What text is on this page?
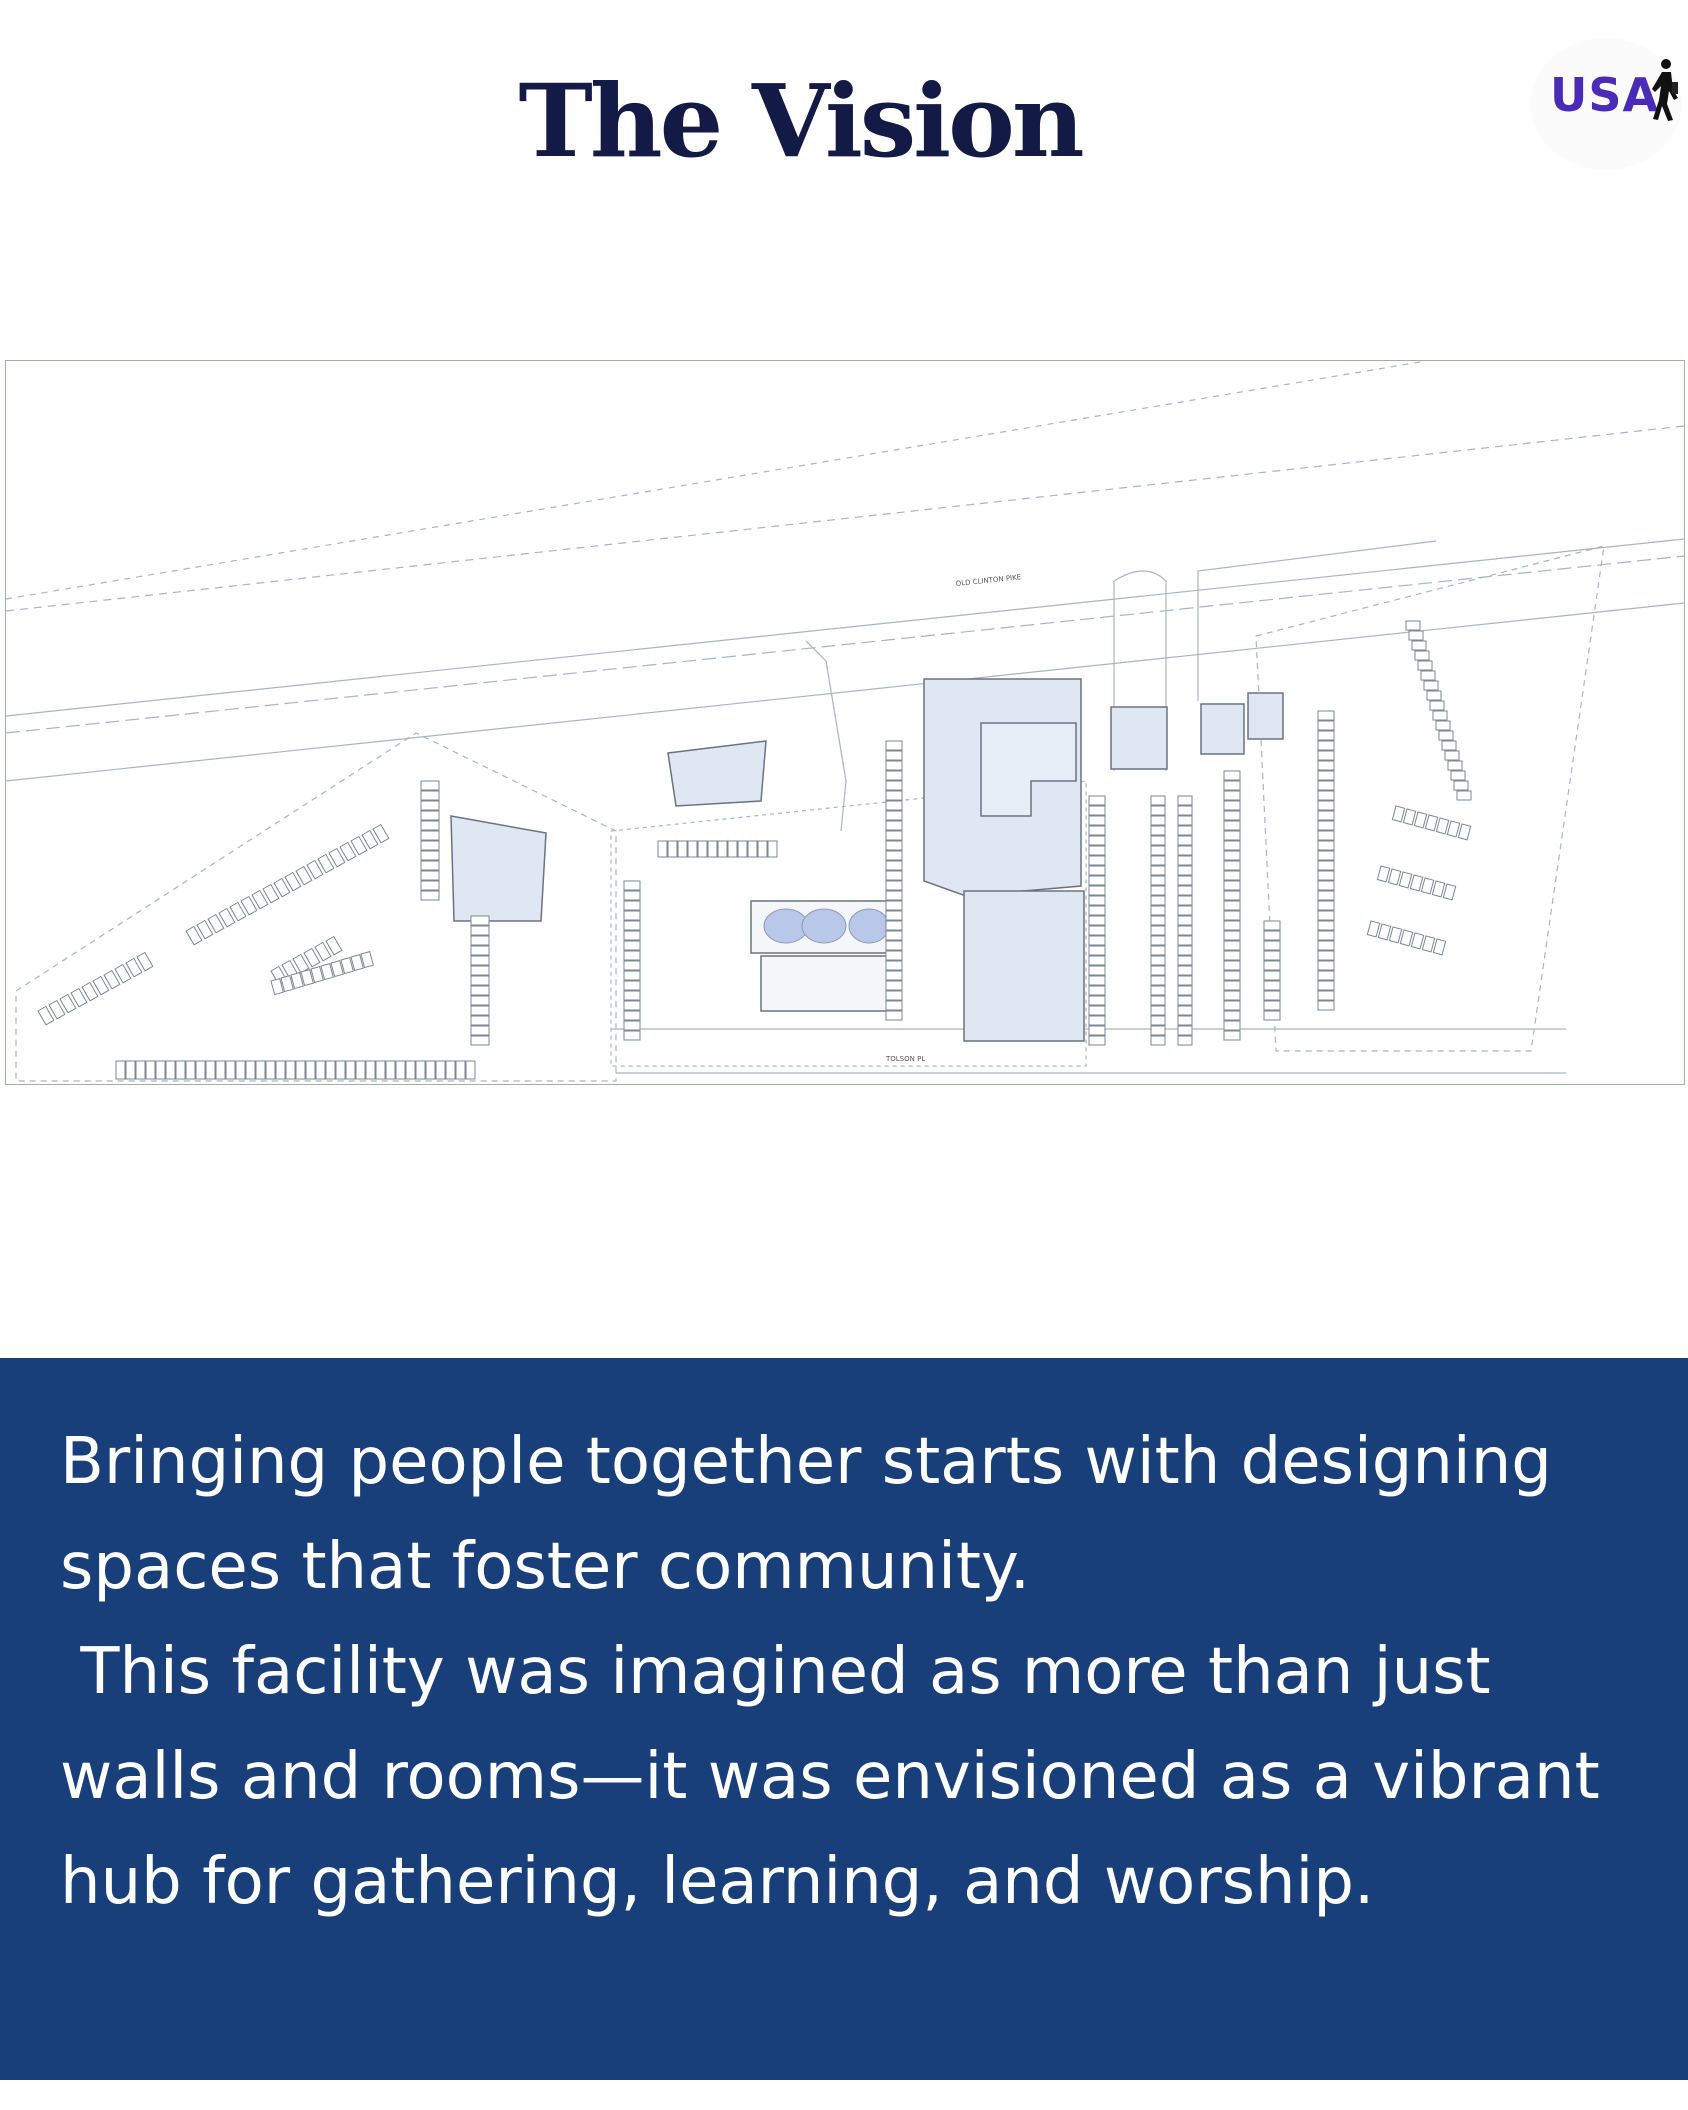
The Vision	USA
OLD CLINTON PIKE
TOLSON PL
Bringing people together starts with designing spaces that foster community.
This facility was imagined as more than just walls and rooms—it was envisioned as a vibrant hub for gathering, learning, and worship.
